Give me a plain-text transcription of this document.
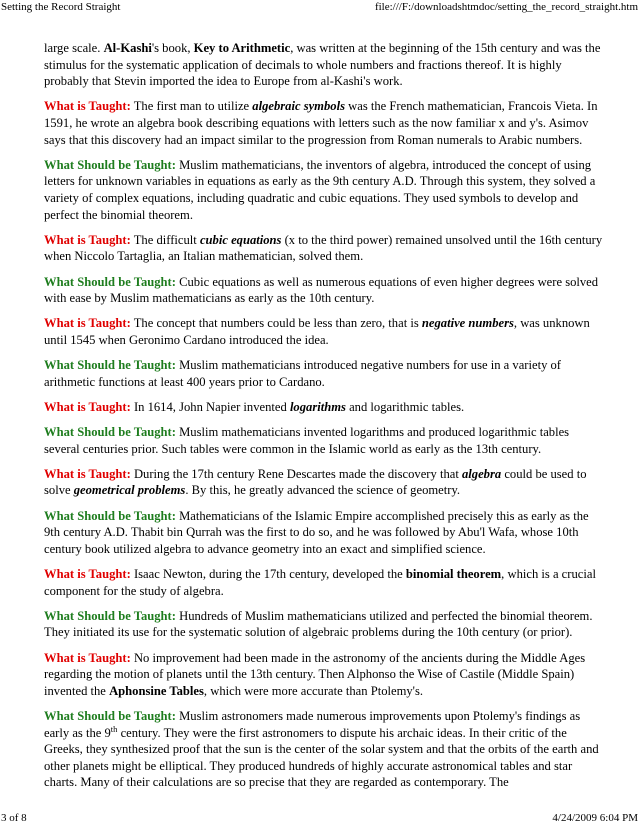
Setting the Record Straight	file:///F:/downloadshtmdoc/setting_the_record_straight.htm

large scale. Al-Kashi's book, Key to Arithmetic, was written at the beginning of the 15th century and was the stimulus for the systematic application of decimals to whole numbers and fractions thereof. It is highly probably that Stevin imported the idea to Europe from al-Kashi's work.

What is Taught: The first man to utilize algebraic symbols was the French mathematician, Francois Vieta. In 1591, he wrote an algebra book describing equations with letters such as the now familiar x and y's. Asimov says that this discovery had an impact similar to the progression from Roman numerals to Arabic numbers.

What Should be Taught: Muslim mathematicians, the inventors of algebra, introduced the concept of using letters for unknown variables in equations as early as the 9th century A.D. Through this system, they solved a variety of complex equations, including quadratic and cubic equations. They used symbols to develop and perfect the binomial theorem.

What is Taught: The difficult cubic equations (x to the third power) remained unsolved until the 16th century when Niccolo Tartaglia, an Italian mathematician, solved them.

What Should be Taught: Cubic equations as well as numerous equations of even higher degrees were solved with ease by Muslim mathematicians as early as the 10th century.

What is Taught: The concept that numbers could be less than zero, that is negative numbers, was unknown until 1545 when Geronimo Cardano introduced the idea.

What Should he Taught: Muslim mathematicians introduced negative numbers for use in a variety of arithmetic functions at least 400 years prior to Cardano.

What is Taught: In 1614, John Napier invented logarithms and logarithmic tables.

What Should be Taught: Muslim mathematicians invented logarithms and produced logarithmic tables several centuries prior. Such tables were common in the Islamic world as early as the 13th century.

What is Taught: During the 17th century Rene Descartes made the discovery that algebra could be used to solve geometrical problems. By this, he greatly advanced the science of geometry.

What Should be Taught: Mathematicians of the Islamic Empire accomplished precisely this as early as the 9th century A.D. Thabit bin Qurrah was the first to do so, and he was followed by Abu'l Wafa, whose 10th century book utilized algebra to advance geometry into an exact and simplified science.

What is Taught: Isaac Newton, during the 17th century, developed the binomial theorem, which is a crucial component for the study of algebra.

What Should be Taught: Hundreds of Muslim mathematicians utilized and perfected the binomial theorem. They initiated its use for the systematic solution of algebraic problems during the 10th century (or prior).

What is Taught: No improvement had been made in the astronomy of the ancients during the Middle Ages regarding the motion of planets until the 13th century. Then Alphonso the Wise of Castile (Middle Spain) invented the Aphonsine Tables, which were more accurate than Ptolemy's.

What Should be Taught: Muslim astronomers made numerous improvements upon Ptolemy's findings as early as the 9th century. They were the first astronomers to dispute his archaic ideas. In their critic of the Greeks, they synthesized proof that the sun is the center of the solar system and that the orbits of the earth and other planets might be elliptical. They produced hundreds of highly accurate astronomical tables and star charts. Many of their calculations are so precise that they are regarded as contemporary. The

3 of 8	4/24/2009 6:04 PM
